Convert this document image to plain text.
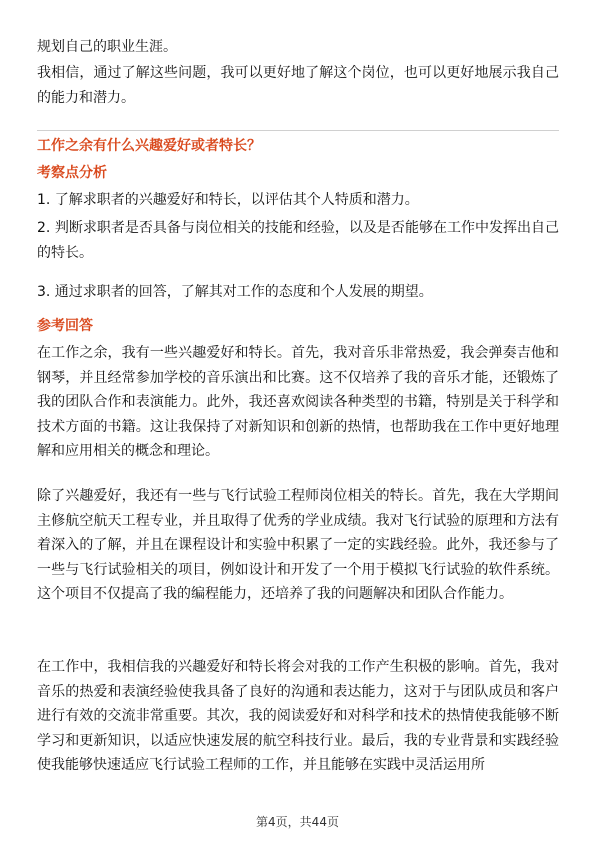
规划自己的职业生涯。

我相信，通过了解这些问题，我可以更好地了解这个岗位，也可以更好地展示我自己的能力和潜力。

工作之余有什么兴趣爱好或者特长？

考察点分析

1. 了解求职者的兴趣爱好和特长，以评估其个人特质和潜力。

2. 判断求职者是否具备与岗位相关的技能和经验，以及是否能够在工作中发挥出自己的特长。

3. 通过求职者的回答，了解其对工作的态度和个人发展的期望。

参考回答

在工作之余，我有一些兴趣爱好和特长。首先，我对音乐非常热爱，我会弹奏吉他和钢琴，并且经常参加学校的音乐演出和比赛。这不仅培养了我的音乐才能，还锻炼了我的团队合作和表演能力。此外，我还喜欢阅读各种类型的书籍，特别是关于科学和技术方面的书籍。这让我保持了对新知识和创新的热情，也帮助我在工作中更好地理解和应用相关的概念和理论。

除了兴趣爱好，我还有一些与飞行试验工程师岗位相关的特长。首先，我在大学期间主修航空航天工程专业，并且取得了优秀的学业成绩。我对飞行试验的原理和方法有着深入的了解，并且在课程设计和实验中积累了一定的实践经验。此外，我还参与了一些与飞行试验相关的项目，例如设计和开发了一个用于模拟飞行试验的软件系统。这个项目不仅提高了我的编程能力，还培养了我的问题解决和团队合作能力。

在工作中，我相信我的兴趣爱好和特长将会对我的工作产生积极的影响。首先，我对音乐的热爱和表演经验使我具备了良好的沟通和表达能力，这对于与团队成员和客户进行有效的交流非常重要。其次，我的阅读爱好和对科学和技术的热情使我能够不断学习和更新知识，以适应快速发展的航空科技行业。最后，我的专业背景和实践经验使我能够快速适应飞行试验工程师的工作，并且能够在实践中灵活运用所

第4页，共44页
